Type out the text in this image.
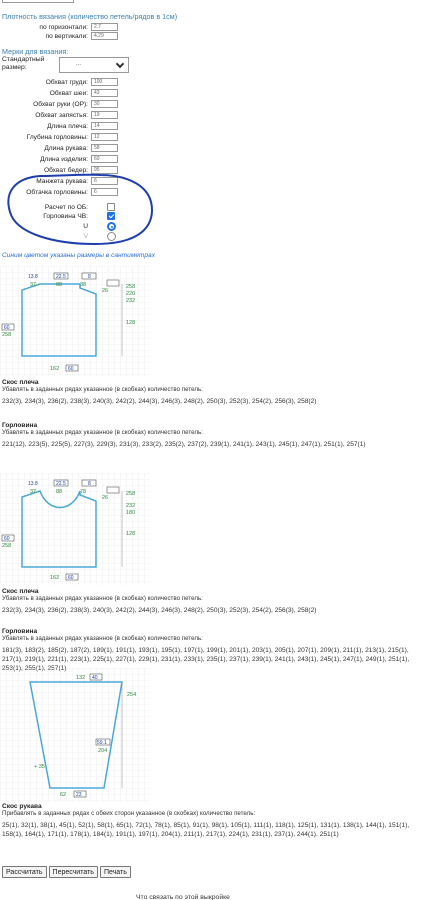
Плотность вязания (количество петель/рядов в 1см)
по горизонтали:	2.7
по вертикали:	4.29
Мерки для вязания:
Стандартный
размер:	...
Обхват груди:	100
Обхват шеи:	43
Обхват руки (ОР):	30
Обхват запястья:	19
Длина плеча:	14
Глубина горловины:	12
Длина рукава:	58
Длина изделия:	60
Обхват бедер:	95
Манжета рукава:	6
Обтачка горловины:	6
Расчет по ОБ:
Горловина ЧВ:
U
V
Синим цветом указаны размеры в сантиметрах
37	88	38
26
258
220
232
128
258
162
13.8	22.5	8
60
60
Скос плеча
Убавлять в заданных рядах указанное (в скобках) количество петель:
232(3), 234(3), 236(2), 238(3), 240(3), 242(2), 244(3), 246(3), 248(2), 250(3), 252(3), 254(2), 256(3), 258(2)
Горловина
Убавлять в заданных рядах указанное (в скобках) количество петель:
221(12), 223(5), 225(5), 227(3), 229(3), 231(3), 233(2), 235(2), 237(2), 239(1), 241(1), 243(1), 245(1), 247(1), 251(1), 257(1)
37	88	78
26
258
232
180
128
258
162
13.8	22.5	8
60
60
Скос плеча
Убавлять в заданных рядах указанное (в скобках) количество петель:
232(3), 234(3), 236(2), 238(3), 240(3), 242(2), 244(3), 246(3), 248(2), 250(3), 252(3), 254(2), 256(3), 258(2)
Горловина
Убавлять в заданных рядах указанное (в скобках) количество петель:
181(3), 183(2), 185(2), 187(2), 189(1), 191(1), 193(1), 195(1), 197(1), 199(1), 201(1), 203(1), 205(1), 207(1), 209(1), 211(1), 213(1), 215(1), 217(1), 219(1), 221(1), 223(1), 225(1), 227(1), 229(1), 231(1), 233(1), 235(1), 237(1), 239(1), 241(1), 243(1), 245(1), 247(1), 249(1), 251(1),
132
254
204
+ 35
62
40
59.1
23
Скос рукава
Прибавлять в заданных рядах с обеих сторон указанное (в скобках) количество петель:
25(1), 32(1), 38(1), 45(1), 52(1), 58(1), 65(1), 72(1), 78(1), 85(1), 91(1), 98(1), 105(1), 111(1), 118(1), 125(1), 131(1), 138(1), 144(1), 151(1), 158(1), 164(1), 171(1), 178(1), 184(1), 191(1), 197(1), 204(1), 211(1), 217(1), 224(1), 231(1), 237(1), 244(1), 251(1)
Рассчитать	Пересчитать	Печать
Что связать по этой выкройке
